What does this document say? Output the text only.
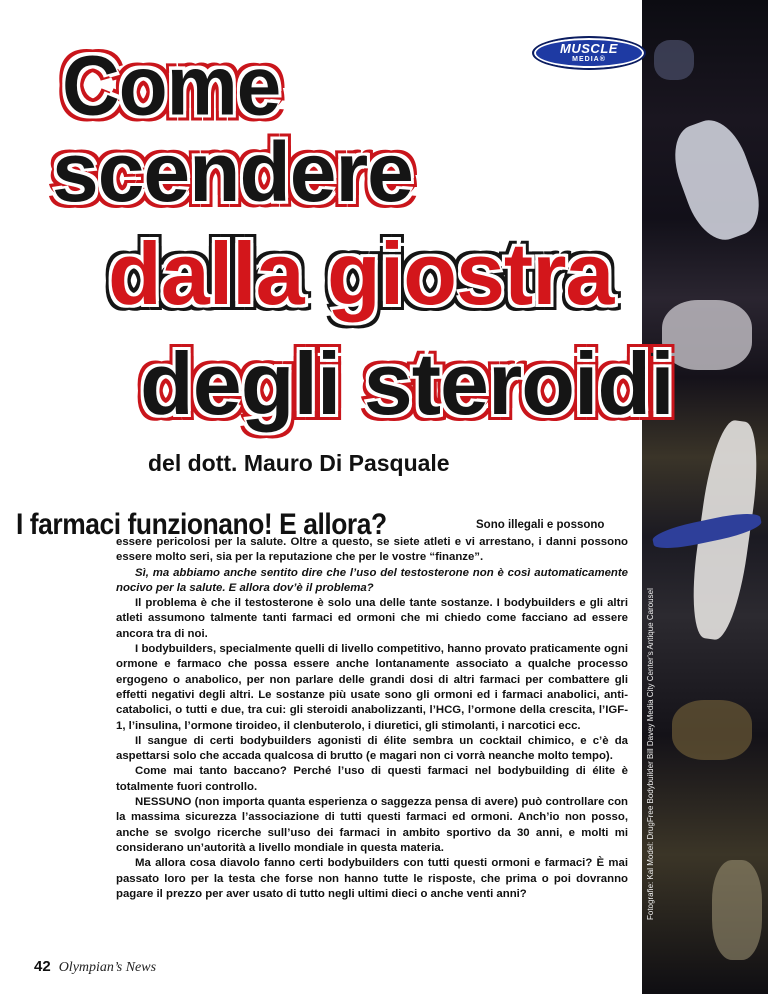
Fotografie: Kal Model: DrugFree Bodybuilder Bill Davey Media City Center’s Antique Carousel
MUSCLE
MEDIA®
Come
scendere
dalla giostra
degli steroidi
del dott. Mauro Di Pasquale
I farmaci funzionano! E allora?	Sono illegali e possono

essere pericolosi per la salute. Oltre a questo, se siete atleti e vi arrestano, i danni possono essere molto seri, sia per la reputazione che per le vostre “finanze”.

Sì, ma abbiamo anche sentito dire che l’uso del testosterone non è così automaticamente nocivo per la salute. E allora dov’è il problema?

Il problema è che il testosterone è solo una delle tante sostanze. I bodybuilders e gli altri atleti assumono talmente tanti farmaci ed ormoni che mi chiedo come facciano ad essere ancora tra di noi.

I bodybuilders, specialmente quelli di livello competitivo, hanno provato praticamente ogni ormone e farmaco che possa essere anche lontanamente associato a qualche processo ergogeno o anabolico, per non parlare delle grandi dosi di altri farmaci per combattere gli effetti negativi degli altri. Le sostanze più usate sono gli ormoni ed i farmaci anabolici, anti-catabolici, o tutti e due, tra cui: gli steroidi anabolizzanti, l’HCG, l’ormone della crescita, l’IGF-1, l’insulina, l’ormone tiroideo, il clenbuterolo, i diuretici, gli stimolanti, i narcotici ecc.

Il sangue di certi bodybuilders agonisti di élite sembra un cocktail chimico, e c’è da aspettarsi solo che accada qualcosa di brutto (e magari non ci vorrà neanche molto tempo).

Come mai tanto baccano? Perché l’uso di questi farmaci nel bodybuilding di élite è totalmente fuori controllo.

NESSUNO (non importa quanta esperienza o saggezza pensa di avere) può controllare con la massima sicurezza l’associazione di tutti questi farmaci ed ormoni. Anch’io non posso, anche se svolgo ricerche sull’uso dei farmaci in ambito sportivo da 30 anni, e molti mi considerano un’autorità a livello mondiale in questa materia.

Ma allora cosa diavolo fanno certi bodybuilders con tutti questi ormoni e farmaci? È mai passato loro per la testa che forse non hanno tutte le risposte, che prima o poi dovranno pagare il prezzo per aver usato di tutto negli ultimi dieci o anche venti anni?

42 Olympian’s News
